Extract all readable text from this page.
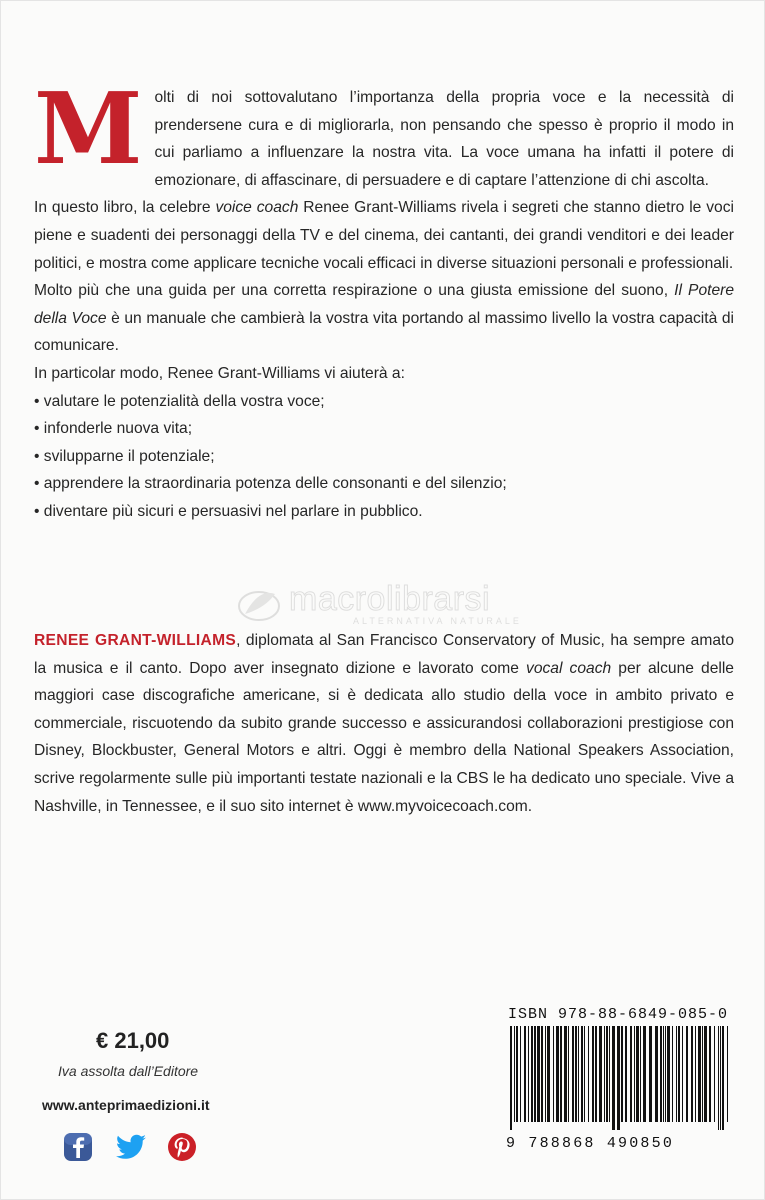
Molti di noi sottovalutano l’importanza della propria voce e la necessità di prendersene cura e di migliorarla, non pensando che spesso è proprio il modo in cui parliamo a influenzare la nostra vita. La voce umana ha infatti il potere di emozionare, di affascinare, di persuadere e di captare l’attenzione di chi ascolta.

In questo libro, la celebre voice coach Renee Grant-Williams rivela i segreti che stanno dietro le voci piene e suadenti dei personaggi della TV e del cinema, dei cantanti, dei grandi venditori e dei leader politici, e mostra come applicare tecniche vocali efficaci in diverse situazioni personali e professionali.

Molto più che una guida per una corretta respirazione o una giusta emissione del suono, Il Potere della Voce è un manuale che cambierà la vostra vita portando al massimo livello la vostra capacità di comunicare.

In particolar modo, Renee Grant-Williams vi aiuterà a:

• valutare le potenzialità della vostra voce;
• infonderle nuova vita;
• svilupparne il potenziale;
• apprendere la straordinaria potenza delle consonanti e del silenzio;
• diventare più sicuri e persuasivi nel parlare in pubblico.
macrolibrarsi
ALTERNATIVA NATURALE

RENEE GRANT-WILLIAMS, diplomata al San Francisco Conservatory of Music, ha sempre amato la musica e il canto. Dopo aver insegnato dizione e lavorato come vocal coach per alcune delle maggiori case discografiche americane, si è dedicata allo studio della voce in ambito privato e commerciale, riscuotendo da subito grande successo e assicurandosi collaborazioni prestigiose con Disney, Blockbuster, General Motors e altri. Oggi è membro della National Speakers Association, scrive regolarmente sulle più importanti testate nazionali e la CBS le ha dedicato uno speciale. Vive a Nashville, in Tennessee, e il suo sito internet è www.myvoicecoach.com.

€ 21,00
Iva assolta dall’Editore
www.anteprimaedizioni.it
ISBN 978-88-6849-085-0
9 788868 490850
